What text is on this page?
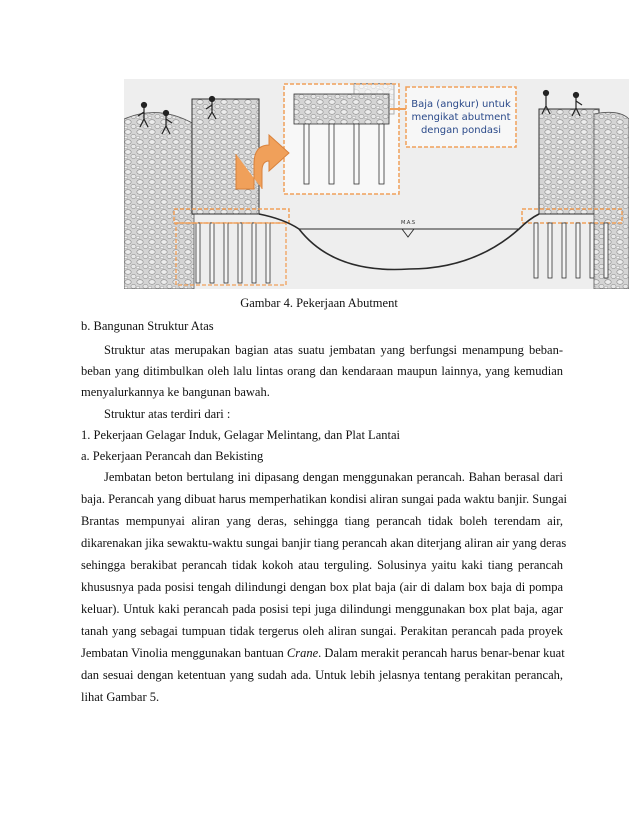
Baja (angkur) untuk
mengikat abutment
dengan pondasi
M.A.S
Gambar 4. Pekerjaan Abutment
b. Bangunan Struktur Atas
Struktur atas merupakan bagian atas suatu jembatan yang berfungsi menampung beban-
beban yang ditimbulkan oleh lalu lintas orang dan kendaraan maupun lainnya, yang kemudian
menyalurkannya ke bangunan bawah.
Struktur atas terdiri dari :
1. Pekerjaan Gelagar Induk, Gelagar Melintang, dan Plat Lantai
a. Pekerjaan Perancah dan Bekisting
Jembatan beton bertulang ini dipasang dengan menggunakan perancah. Bahan berasal dari
baja. Perancah yang dibuat harus memperhatikan kondisi aliran sungai pada waktu banjir. Sungai
Brantas mempunyai aliran yang deras, sehingga tiang perancah tidak boleh terendam air,
dikarenakan jika sewaktu-waktu sungai banjir tiang perancah akan diterjang aliran air yang deras
sehingga berakibat perancah tidak kokoh atau terguling. Solusinya yaitu kaki tiang perancah
khususnya pada posisi tengah dilindungi dengan box plat baja (air di dalam box baja di pompa
keluar). Untuk kaki perancah pada posisi tepi juga dilindungi menggunakan box plat baja, agar
tanah yang sebagai tumpuan tidak tergerus oleh aliran sungai. Perakitan perancah pada proyek
Jembatan Vinolia menggunakan bantuan Crane. Dalam merakit perancah harus benar-benar kuat
dan sesuai dengan ketentuan yang sudah ada. Untuk lebih jelasnya tentang perakitan perancah,
lihat Gambar 5.
